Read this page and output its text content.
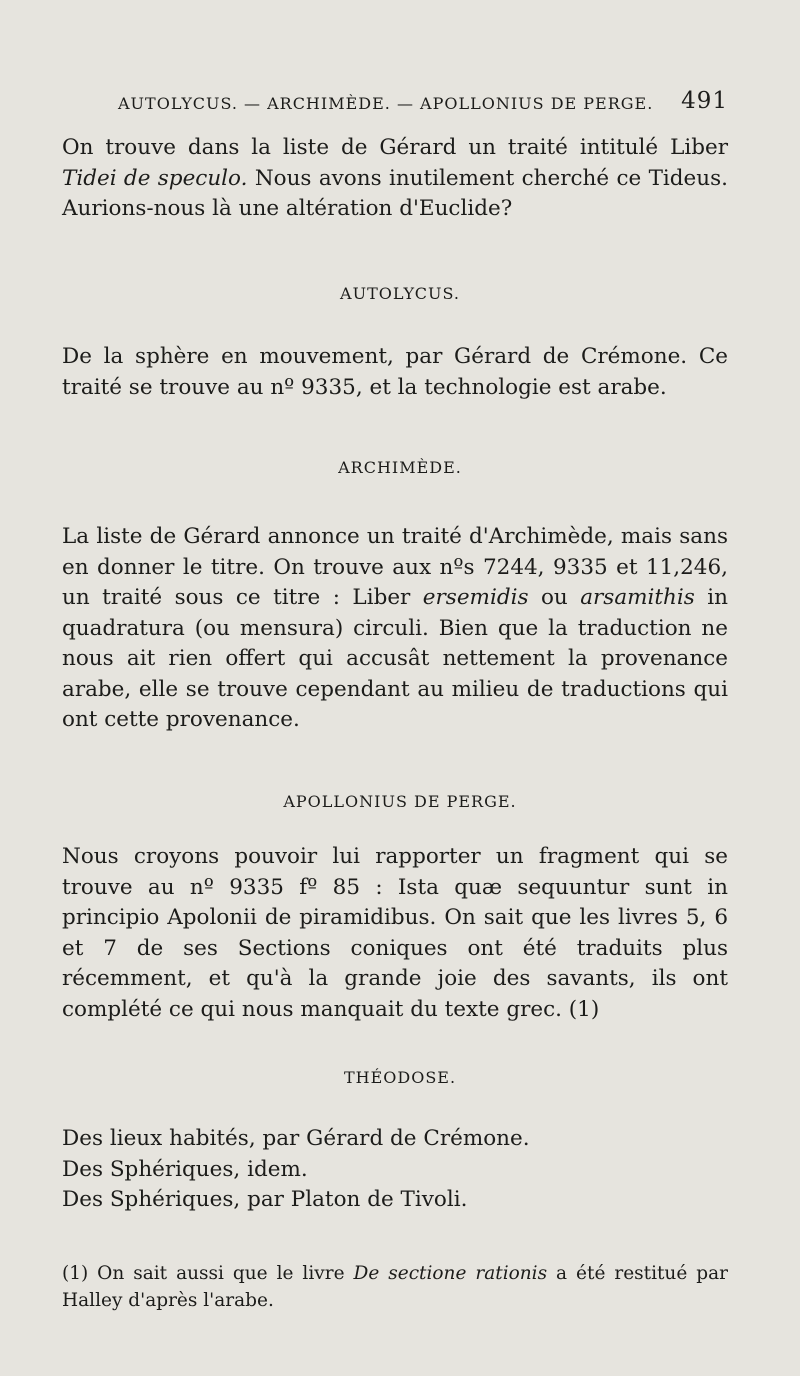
AUTOLYCUS. — ARCHIMÈDE. — APOLLONIUS DE PERGE. 491

On trouve dans la liste de Gérard un traité intitulé Liber Tidei de speculo. Nous avons inutilement cherché ce Tideus. Aurions-nous là une altération d'Euclide?

AUTOLYCUS.

De la sphère en mouvement, par Gérard de Crémone. Ce traité se trouve au nº 9335, et la technologie est arabe.

ARCHIMÈDE.

La liste de Gérard annonce un traité d'Archimède, mais sans en donner le titre. On trouve aux nºs 7244, 9335 et 11,246, un traité sous ce titre : Liber ersemidis ou arsamithis in quadratura (ou mensura) circuli. Bien que la traduction ne nous ait rien offert qui accusât nettement la provenance arabe, elle se trouve cependant au milieu de traductions qui ont cette provenance.

APOLLONIUS DE PERGE.

Nous croyons pouvoir lui rapporter un fragment qui se trouve au nº 9335 fº 85 : Ista quæ sequuntur sunt in principio Apolonii de piramidibus. On sait que les livres 5, 6 et 7 de ses Sections coniques ont été traduits plus récemment, et qu'à la grande joie des savants, ils ont complété ce qui nous manquait du texte grec. (1)

THÉODOSE.
Des lieux habités, par Gérard de Crémone.
Des Sphériques, idem.
Des Sphériques, par Platon de Tivoli.
(1) On sait aussi que le livre De sectione rationis a été restitué par Halley d'après l'arabe.
